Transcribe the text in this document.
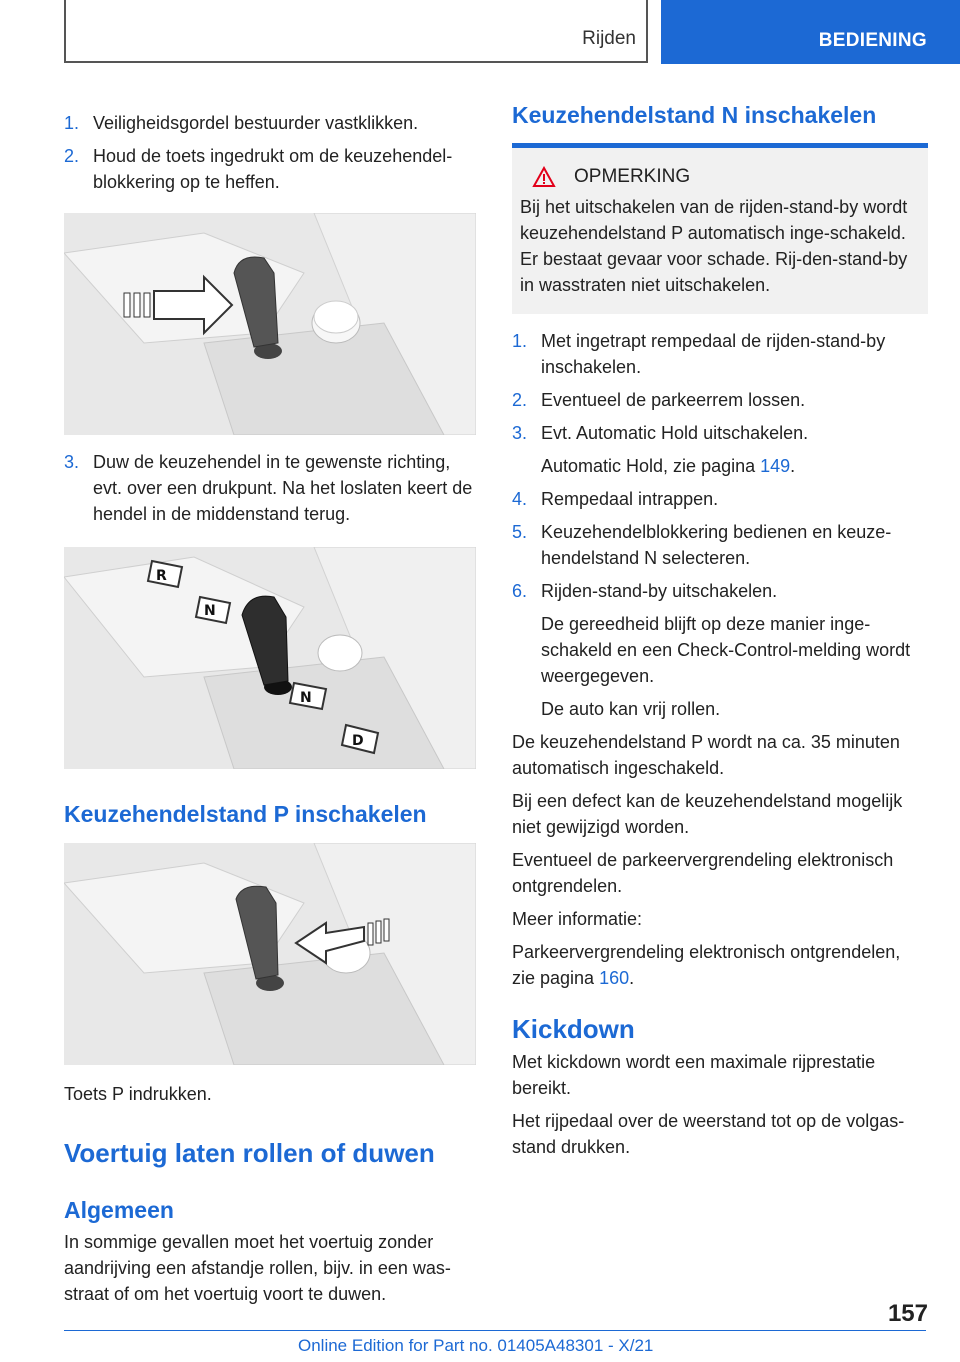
Rijden	BEDIENING
1. Veiligheidsgordel bestuurder vastklikken.
2. Houd de toets ingedrukt om de keuzehendel-blokkering op te heffen.
3. Duw de keuzehendel in te gewenste richting, evt. over een drukpunt. Na het loslaten keert de hendel in de middenstand terug.
R
N
N
D
Keuzehendelstand P inschakelen
Toets P indrukken.
Voertuig laten rollen of duwen
Algemeen
In sommige gevallen moet het voertuig zonder aandrijving een afstandje rollen, bijv. in een was-straat of om het voertuig voort te duwen.
Keuzehendelstand N inschakelen
OPMERKING
Bij het uitschakelen van de rijden-stand-by wordt keuzehendelstand P automatisch inge-schakeld. Er bestaat gevaar voor schade. Rij-den-stand-by in wasstraten niet uitschakelen.
1. Met ingetrapt rempedaal de rijden-stand-by inschakelen.
2. Eventueel de parkeerrem lossen.
3. Evt. Automatic Hold uitschakelen.
Automatic Hold, zie pagina 149.
4. Rempedaal intrappen.
5. Keuzehendelblokkering bedienen en keuze-hendelstand N selecteren.
6. Rijden-stand-by uitschakelen.
De gereedheid blijft op deze manier inge-schakeld en een Check-Control-melding wordt weergegeven.
De auto kan vrij rollen.
De keuzehendelstand P wordt na ca. 35 minuten automatisch ingeschakeld.
Bij een defect kan de keuzehendelstand mogelijk niet gewijzigd worden.
Eventueel de parkeervergrendeling elektronisch ontgrendelen.
Meer informatie:
Parkeervergrendeling elektronisch ontgrendelen, zie pagina 160.
Kickdown
Met kickdown wordt een maximale rijprestatie bereikt.
Het rijpedaal over de weerstand tot op de volgas-stand drukken.
157
Online Edition for Part no. 01405A48301 - X/21
